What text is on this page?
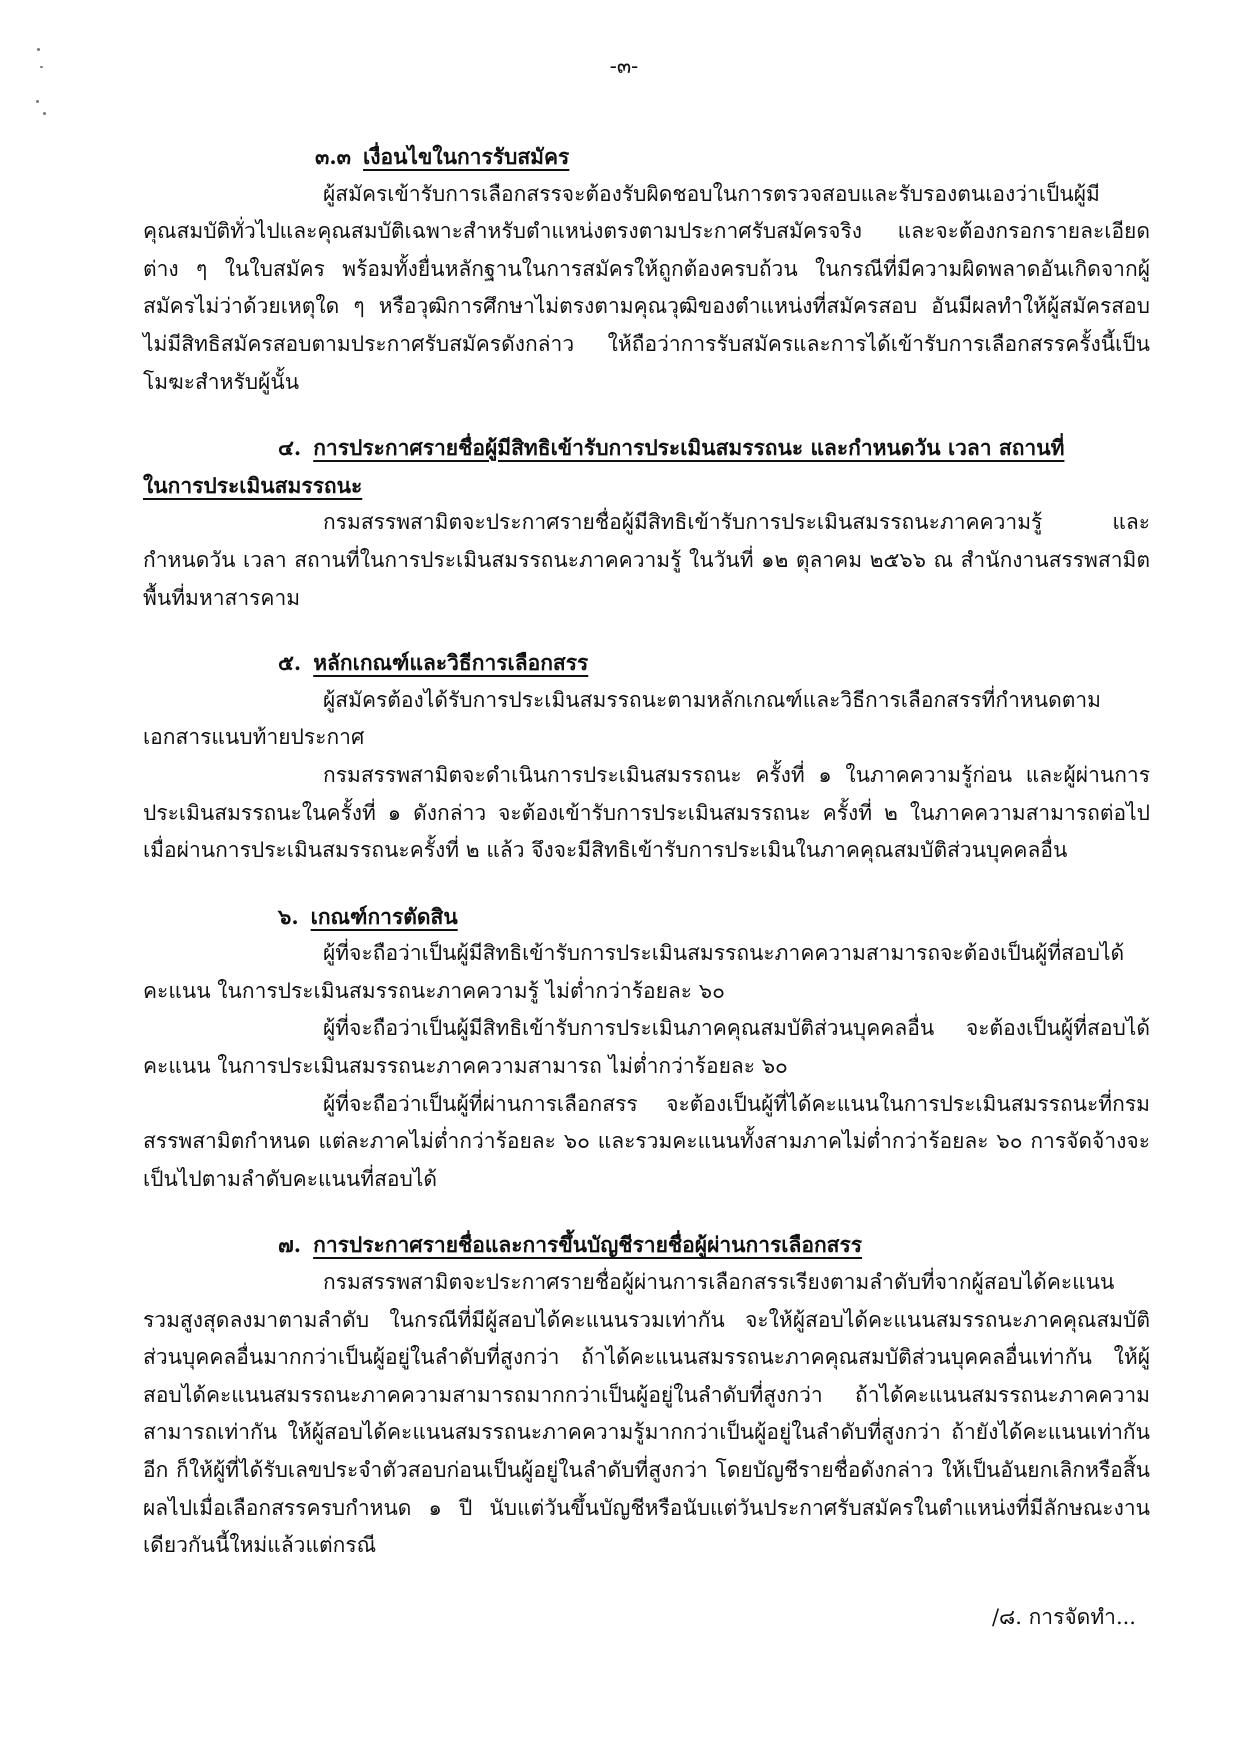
-๓-
๓.๓ เงื่อนไขในการรับสมัคร

ผู้สมัครเข้ารับการเลือกสรรจะต้องรับผิดชอบในการตรวจสอบและรับรองตนเองว่าเป็นผู้มีคุณสมบัติทั่วไปและคุณสมบัติเฉพาะสำหรับตำแหน่งตรงตามประกาศรับสมัครจริง และจะต้องกรอกรายละเอียดต่าง ๆ ในใบสมัคร พร้อมทั้งยื่นหลักฐานในการสมัครให้ถูกต้องครบถ้วน ในกรณีที่มีความผิดพลาดอันเกิดจากผู้สมัครไม่ว่าด้วยเหตุใด ๆ หรือวุฒิการศึกษาไม่ตรงตามคุณวุฒิของตำแหน่งที่สมัครสอบ อันมีผลทำให้ผู้สมัครสอบไม่มีสิทธิสมัครสอบตามประกาศรับสมัครดังกล่าว ให้ถือว่าการรับสมัครและการได้เข้ารับการเลือกสรรครั้งนี้เป็นโมฆะสำหรับผู้นั้น

๔. การประกาศรายชื่อผู้มีสิทธิเข้ารับการประเมินสมรรถนะ และกำหนดวัน เวลา สถานที่
ในการประเมินสมรรถนะ

กรมสรรพสามิตจะประกาศรายชื่อผู้มีสิทธิเข้ารับการประเมินสมรรถนะภาคความรู้ และกำหนดวัน เวลา สถานที่ในการประเมินสมรรถนะภาคความรู้ ในวันที่ ๑๒ ตุลาคม ๒๕๖๖ ณ สำนักงานสรรพสามิตพื้นที่มหาสารคาม

๕. หลักเกณฑ์และวิธีการเลือกสรร

ผู้สมัครต้องได้รับการประเมินสมรรถนะตามหลักเกณฑ์และวิธีการเลือกสรรที่กำหนดตามเอกสารแนบท้ายประกาศ

กรมสรรพสามิตจะดำเนินการประเมินสมรรถนะ ครั้งที่ ๑ ในภาคความรู้ก่อน และผู้ผ่านการประเมินสมรรถนะในครั้งที่ ๑ ดังกล่าว จะต้องเข้ารับการประเมินสมรรถนะ ครั้งที่ ๒ ในภาคความสามารถต่อไป เมื่อผ่านการประเมินสมรรถนะครั้งที่ ๒ แล้ว จึงจะมีสิทธิเข้ารับการประเมินในภาคคุณสมบัติส่วนบุคคลอื่น

๖. เกณฑ์การตัดสิน

ผู้ที่จะถือว่าเป็นผู้มีสิทธิเข้ารับการประเมินสมรรถนะภาคความสามารถจะต้องเป็นผู้ที่สอบได้คะแนน ในการประเมินสมรรถนะภาคความรู้ ไม่ต่ำกว่าร้อยละ ๖๐

ผู้ที่จะถือว่าเป็นผู้มีสิทธิเข้ารับการประเมินภาคคุณสมบัติส่วนบุคคลอื่น จะต้องเป็นผู้ที่สอบได้คะแนน ในการประเมินสมรรถนะภาคความสามารถ ไม่ต่ำกว่าร้อยละ ๖๐

ผู้ที่จะถือว่าเป็นผู้ที่ผ่านการเลือกสรร จะต้องเป็นผู้ที่ได้คะแนนในการประเมินสมรรถนะที่กรมสรรพสามิตกำหนด แต่ละภาคไม่ต่ำกว่าร้อยละ ๖๐ และรวมคะแนนทั้งสามภาคไม่ต่ำกว่าร้อยละ ๖๐ การจัดจ้างจะเป็นไปตามลำดับคะแนนที่สอบได้

๗. การประกาศรายชื่อและการขึ้นบัญชีรายชื่อผู้ผ่านการเลือกสรร

กรมสรรพสามิตจะประกาศรายชื่อผู้ผ่านการเลือกสรรเรียงตามลำดับที่จากผู้สอบได้คะแนนรวมสูงสุดลงมาตามลำดับ ในกรณีที่มีผู้สอบได้คะแนนรวมเท่ากัน จะให้ผู้สอบได้คะแนนสมรรถนะภาคคุณสมบัติส่วนบุคคลอื่นมากกว่าเป็นผู้อยู่ในลำดับที่สูงกว่า ถ้าได้คะแนนสมรรถนะภาคคุณสมบัติส่วนบุคคลอื่นเท่ากัน ให้ผู้สอบได้คะแนนสมรรถนะภาคความสามารถมากกว่าเป็นผู้อยู่ในลำดับที่สูงกว่า ถ้าได้คะแนนสมรรถนะภาคความสามารถเท่ากัน ให้ผู้สอบได้คะแนนสมรรถนะภาคความรู้มากกว่าเป็นผู้อยู่ในลำดับที่สูงกว่า ถ้ายังได้คะแนนเท่ากันอีก ก็ให้ผู้ที่ได้รับเลขประจำตัวสอบก่อนเป็นผู้อยู่ในลำดับที่สูงกว่า โดยบัญชีรายชื่อดังกล่าว ให้เป็นอันยกเลิกหรือสิ้นผลไปเมื่อเลือกสรรครบกำหนด ๑ ปี นับแต่วันขึ้นบัญชีหรือนับแต่วันประกาศรับสมัครในตำแหน่งที่มีลักษณะงานเดียวกันนี้ใหม่แล้วแต่กรณี

/๘. การจัดทำ...
